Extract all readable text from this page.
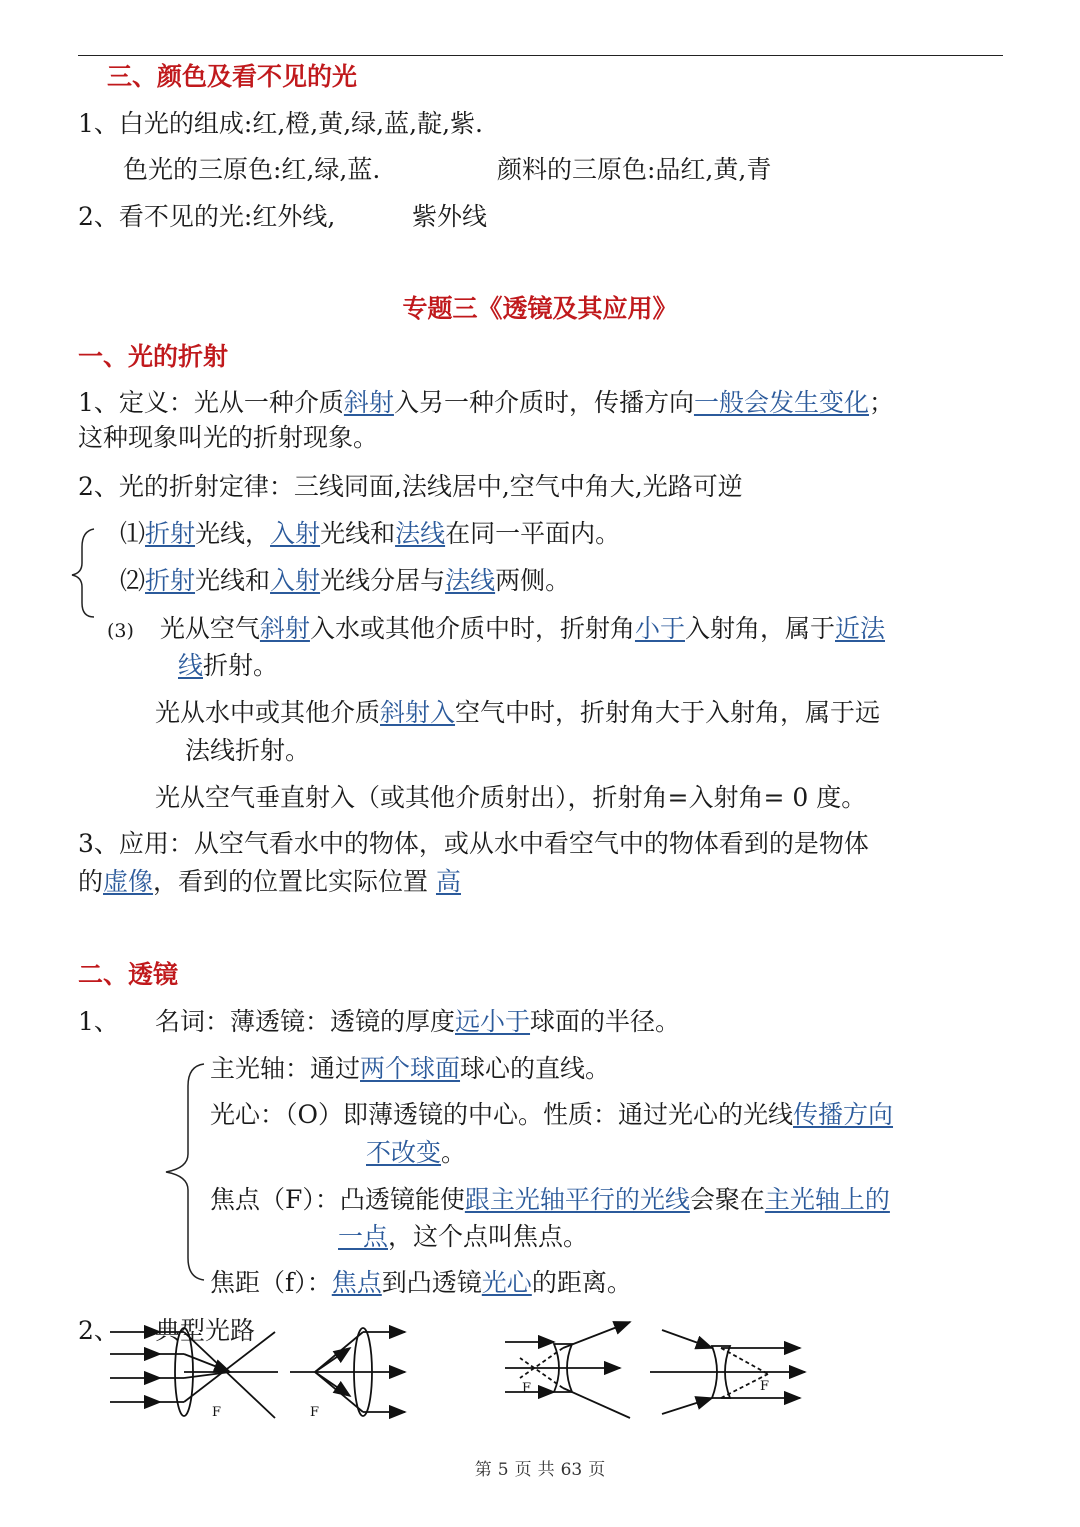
三、颜色及看不见的光
1、白光的组成:红,橙,黄,绿,蓝,靛,紫.
色光的三原色:红,绿,蓝.	颜料的三原色:品红,黄,青
2、看不见的光:红外线,	紫外线
专题三《透镜及其应用》
一、光的折射
1、定义：光从一种介质斜射入另一种介质时，传播方向一般会发生变化；
这种现象叫光的折射现象。
2、光的折射定律：三线同面,法线居中,空气中角大,光路可逆
⑴折射光线，入射光线和法线在同一平面内。
⑵折射光线和入射光线分居与法线两侧。
(3) 光从空气斜射入水或其他介质中时，折射角小于入射角，属于近法
线折射。
光从水中或其他介质斜射入空气中时，折射角大于入射角，属于远
法线折射。
光从空气垂直射入（或其他介质射出），折射角=入射角= 0 度。
3、应用：从空气看水中的物体，或从水中看空气中的物体看到的是物体
的虚像，看到的位置比实际位置 高
二、透镜
1、 名词：薄透镜：透镜的厚度远小于球面的半径。
主光轴：通过两个球面球心的直线。
光心：（O）即薄透镜的中心。性质：通过光心的光线传播方向
不改变。
焦点（F）：凸透镜能使跟主光轴平行的光线会聚在主光轴上的
一点，这个点叫焦点。
焦距（f）：焦点到凸透镜光心的距离。
2、 典型光路
F	F
F	F
第 5 页 共 63 页
